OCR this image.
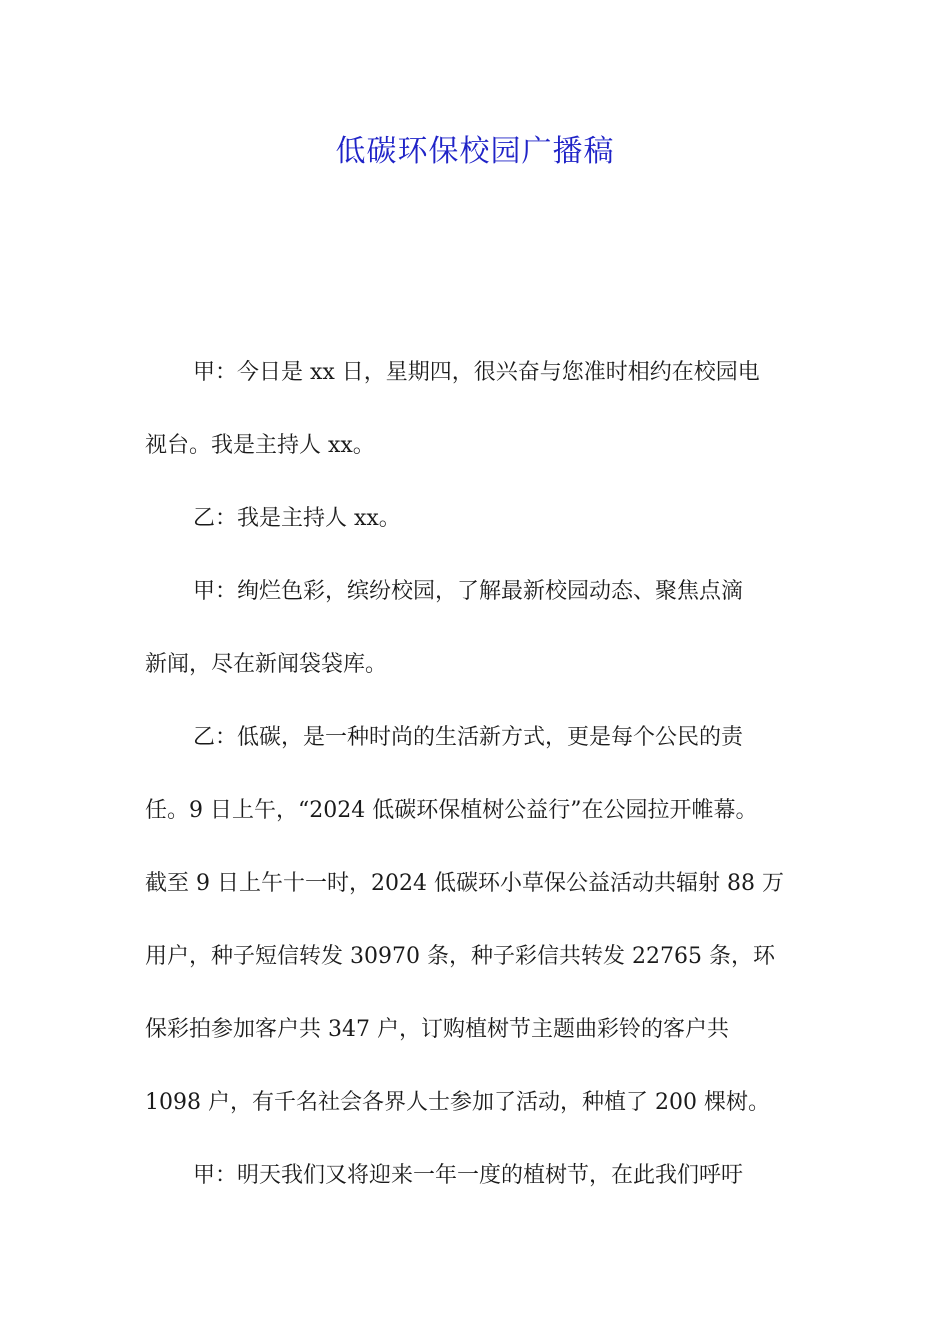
低碳环保校园广播稿

甲：今日是 xx 日，星期四，很兴奋与您准时相约在校园电
视台。我是主持人 xx。

乙：我是主持人 xx。

甲：绚烂色彩，缤纷校园，了解最新校园动态、聚焦点滴
新闻，尽在新闻袋袋库。

乙：低碳，是一种时尚的生活新方式，更是每个公民的责
任。9 日上午，“2024 低碳环保植树公益行”在公园拉开帷幕。
截至 9 日上午十一时，2024 低碳环小草保公益活动共辐射 88 万
用户，种子短信转发 30970 条，种子彩信共转发 22765 条，环
保彩拍参加客户共 347 户，订购植树节主题曲彩铃的客户共
1098 户，有千名社会各界人士参加了活动，种植了 200 棵树。

甲：明天我们又将迎来一年一度的植树节，在此我们呼吁
